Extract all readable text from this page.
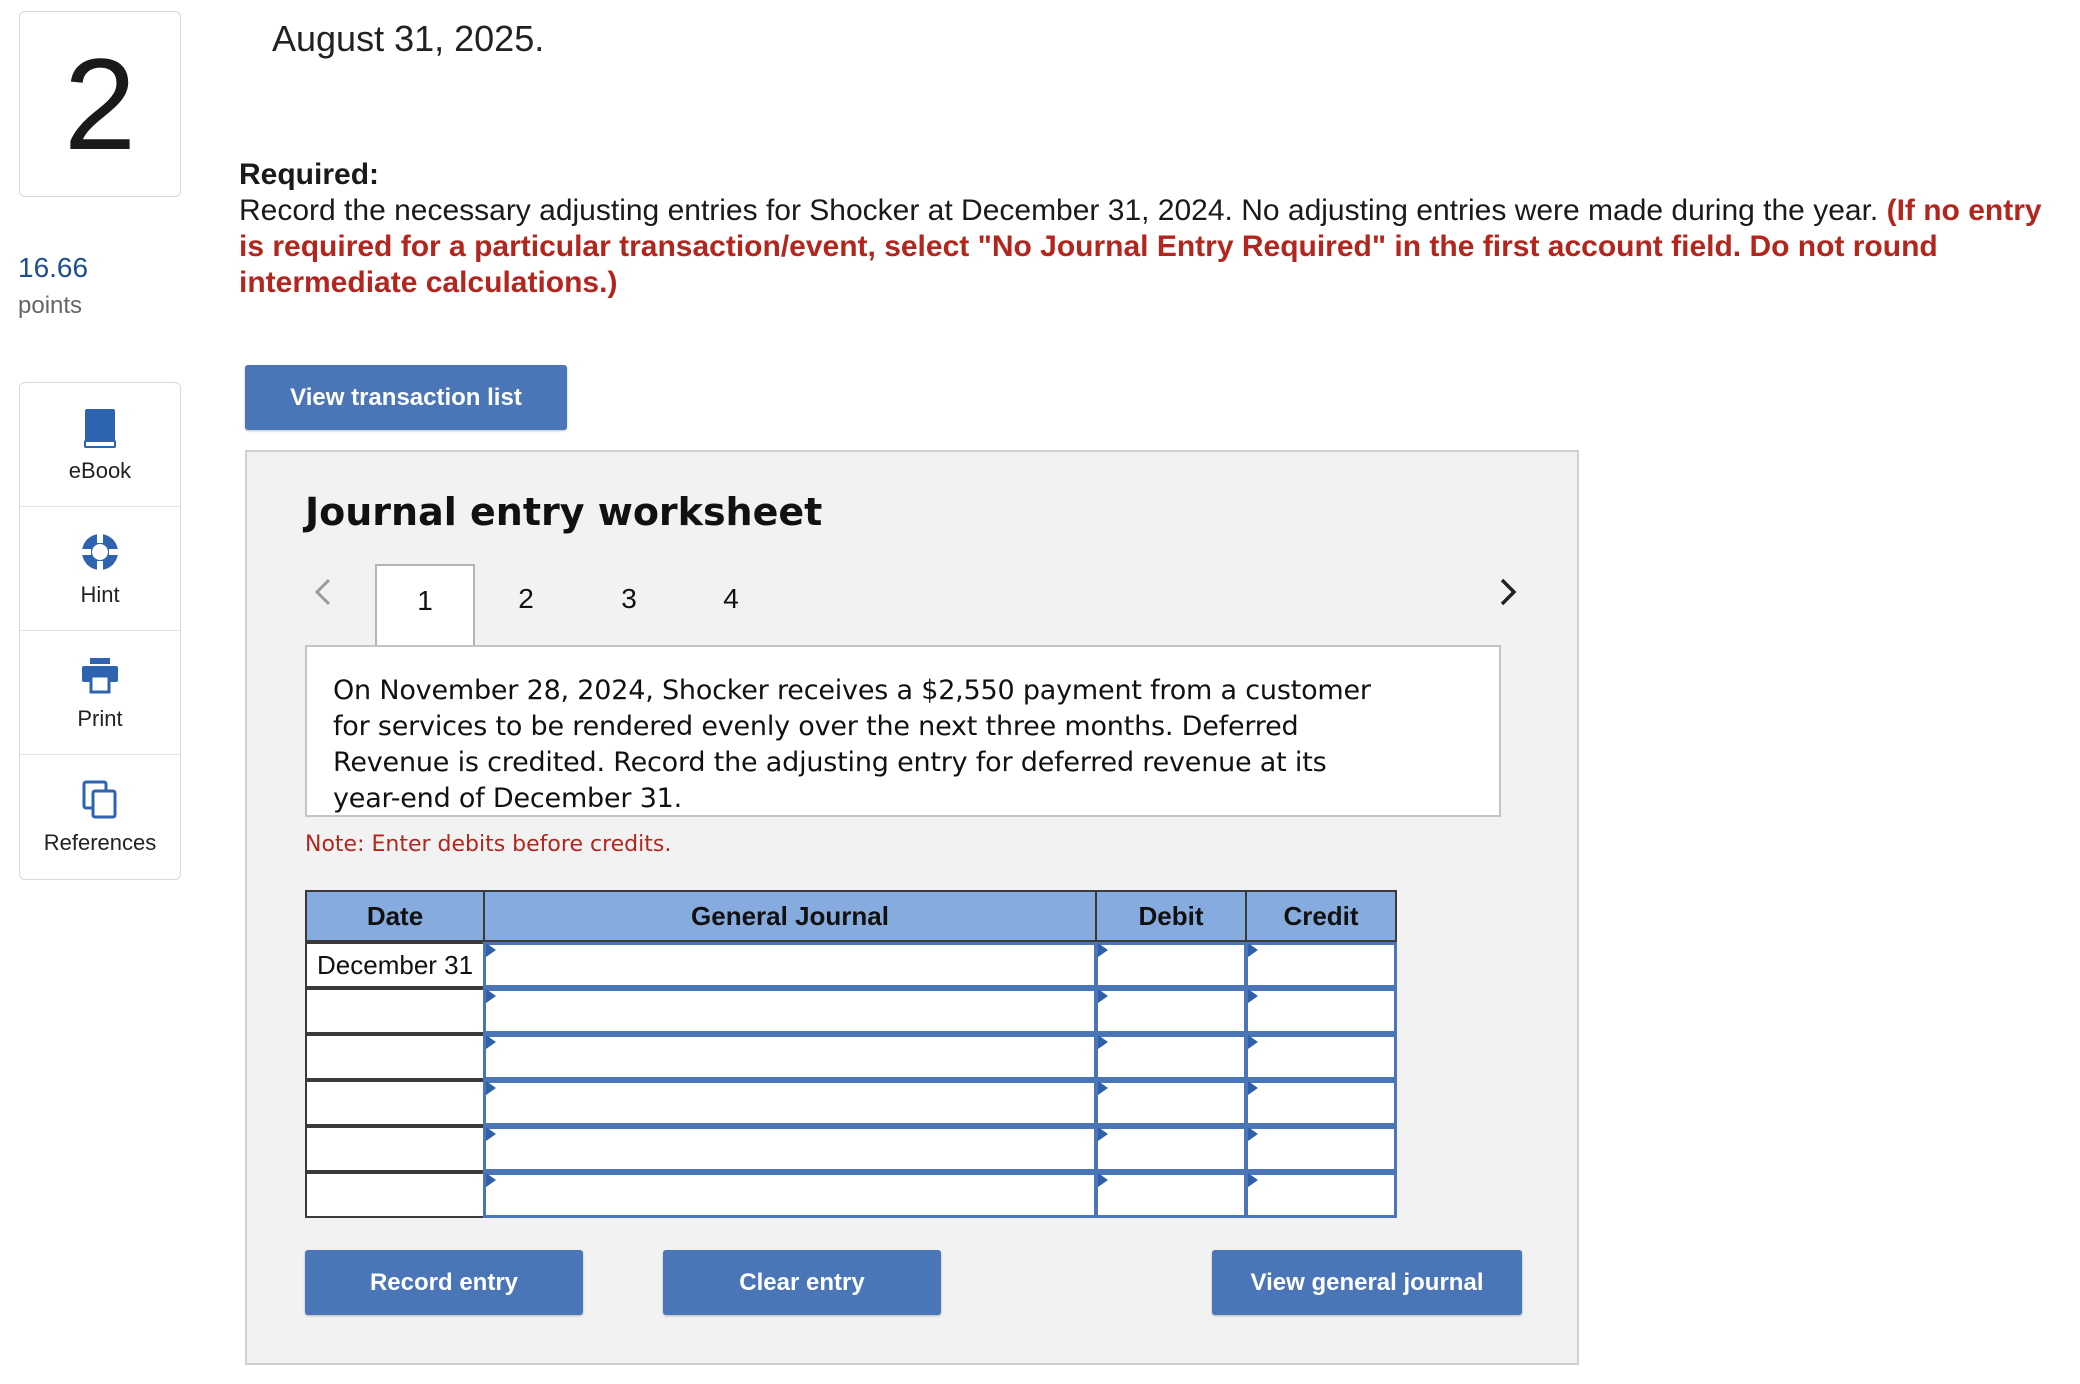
2
16.66
points
eBook
Hint
Print
References
August 31, 2025.
Required:
Record the necessary adjusting entries for Shocker at December 31, 2024. No adjusting entries were made during the year. (If no entry is required for a particular transaction/event, select "No Journal Entry Required" in the first account field. Do not round intermediate calculations.)
View transaction list
Journal entry worksheet
1	2	3	4

On November 28, 2024, Shocker receives a $2,550 payment from a customer for services to be rendered evenly over the next three months. Deferred Revenue is credited. Record the adjusting entry for deferred revenue at its year-end of December 31.

Note: Enter debits before credits.
Date	General Journal	Debit	Credit
December 31
Record entry	Clear entry	View general journal
